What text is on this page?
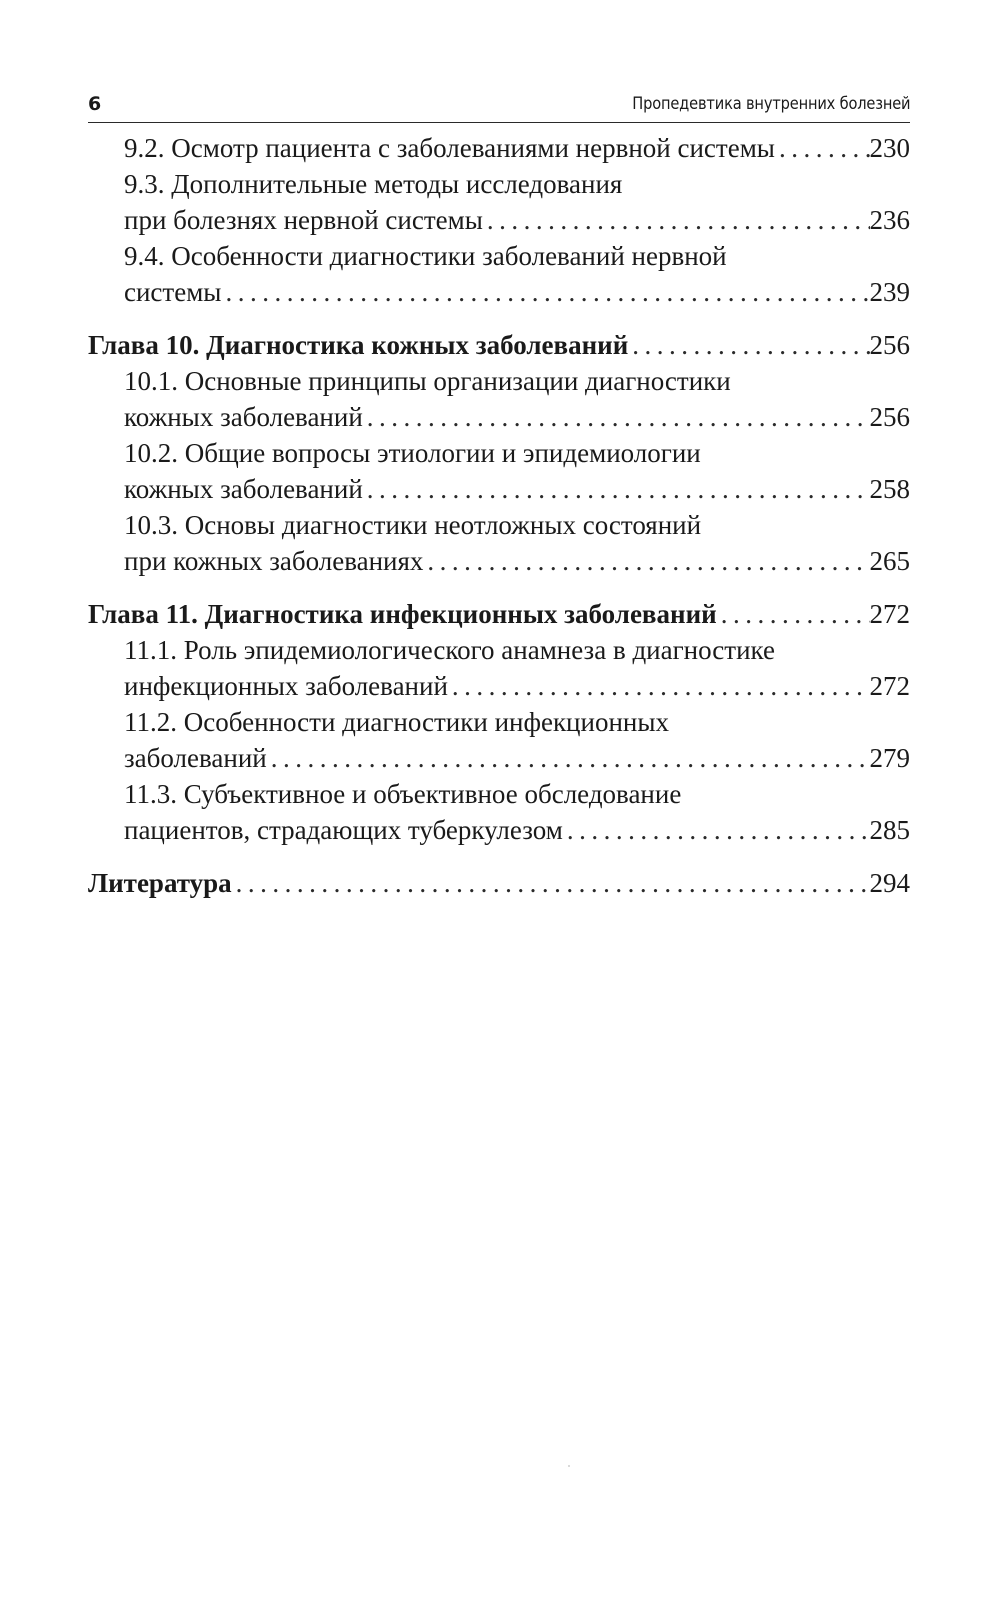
6	Пропедевтика внутренних болезней
9.2. Осмотр пациента с заболеваниями нервной системы .....	230
9.3. Дополнительные методы исследования
при болезнях нервной системы .....	236
9.4. Особенности диагностики заболеваний нервной
системы .....	239
Глава 10. Диагностика кожных заболеваний .....	256
10.1. Основные принципы организации диагностики
кожных заболеваний .....	256
10.2. Общие вопросы этиологии и эпидемиологии
кожных заболеваний .....	258
10.3. Основы диагностики неотложных состояний
при кожных заболеваниях .....	265
Глава 11. Диагностика инфекционных заболеваний .....	272
11.1. Роль эпидемиологического анамнеза в диагностике
инфекционных заболеваний .....	272
11.2. Особенности диагностики инфекционных
заболеваний .....	279
11.3. Субъективное и объективное обследование
пациентов, страдающих туберкулезом .....	285
Литература .....	294
